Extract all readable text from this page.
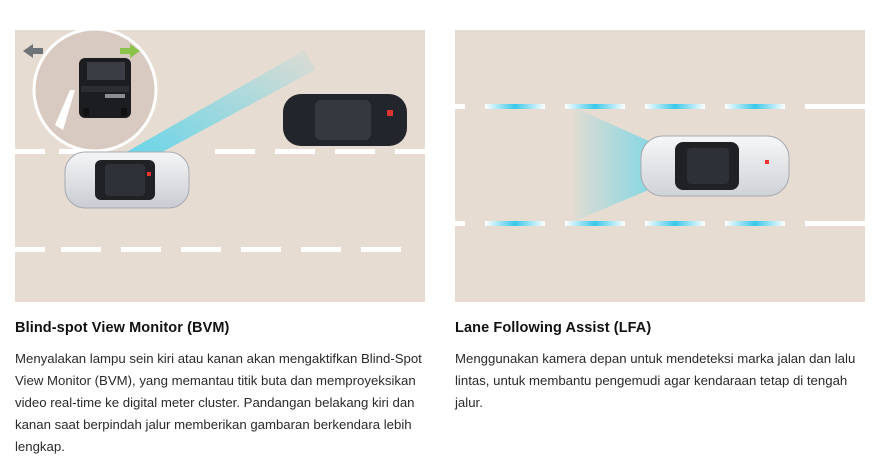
Blind-spot View Monitor (BVM)
Menyalakan lampu sein kiri atau kanan akan mengaktifkan Blind-Spot View Monitor (BVM), yang memantau titik buta dan memproyeksikan video real-time ke digital meter cluster. Pandangan belakang kiri dan kanan saat berpindah jalur memberikan gambaran berkendara lebih lengkap.
Lane Following Assist (LFA)
Menggunakan kamera depan untuk mendeteksi marka jalan dan lalu lintas, untuk membantu pengemudi agar kendaraan tetap di tengah jalur.
